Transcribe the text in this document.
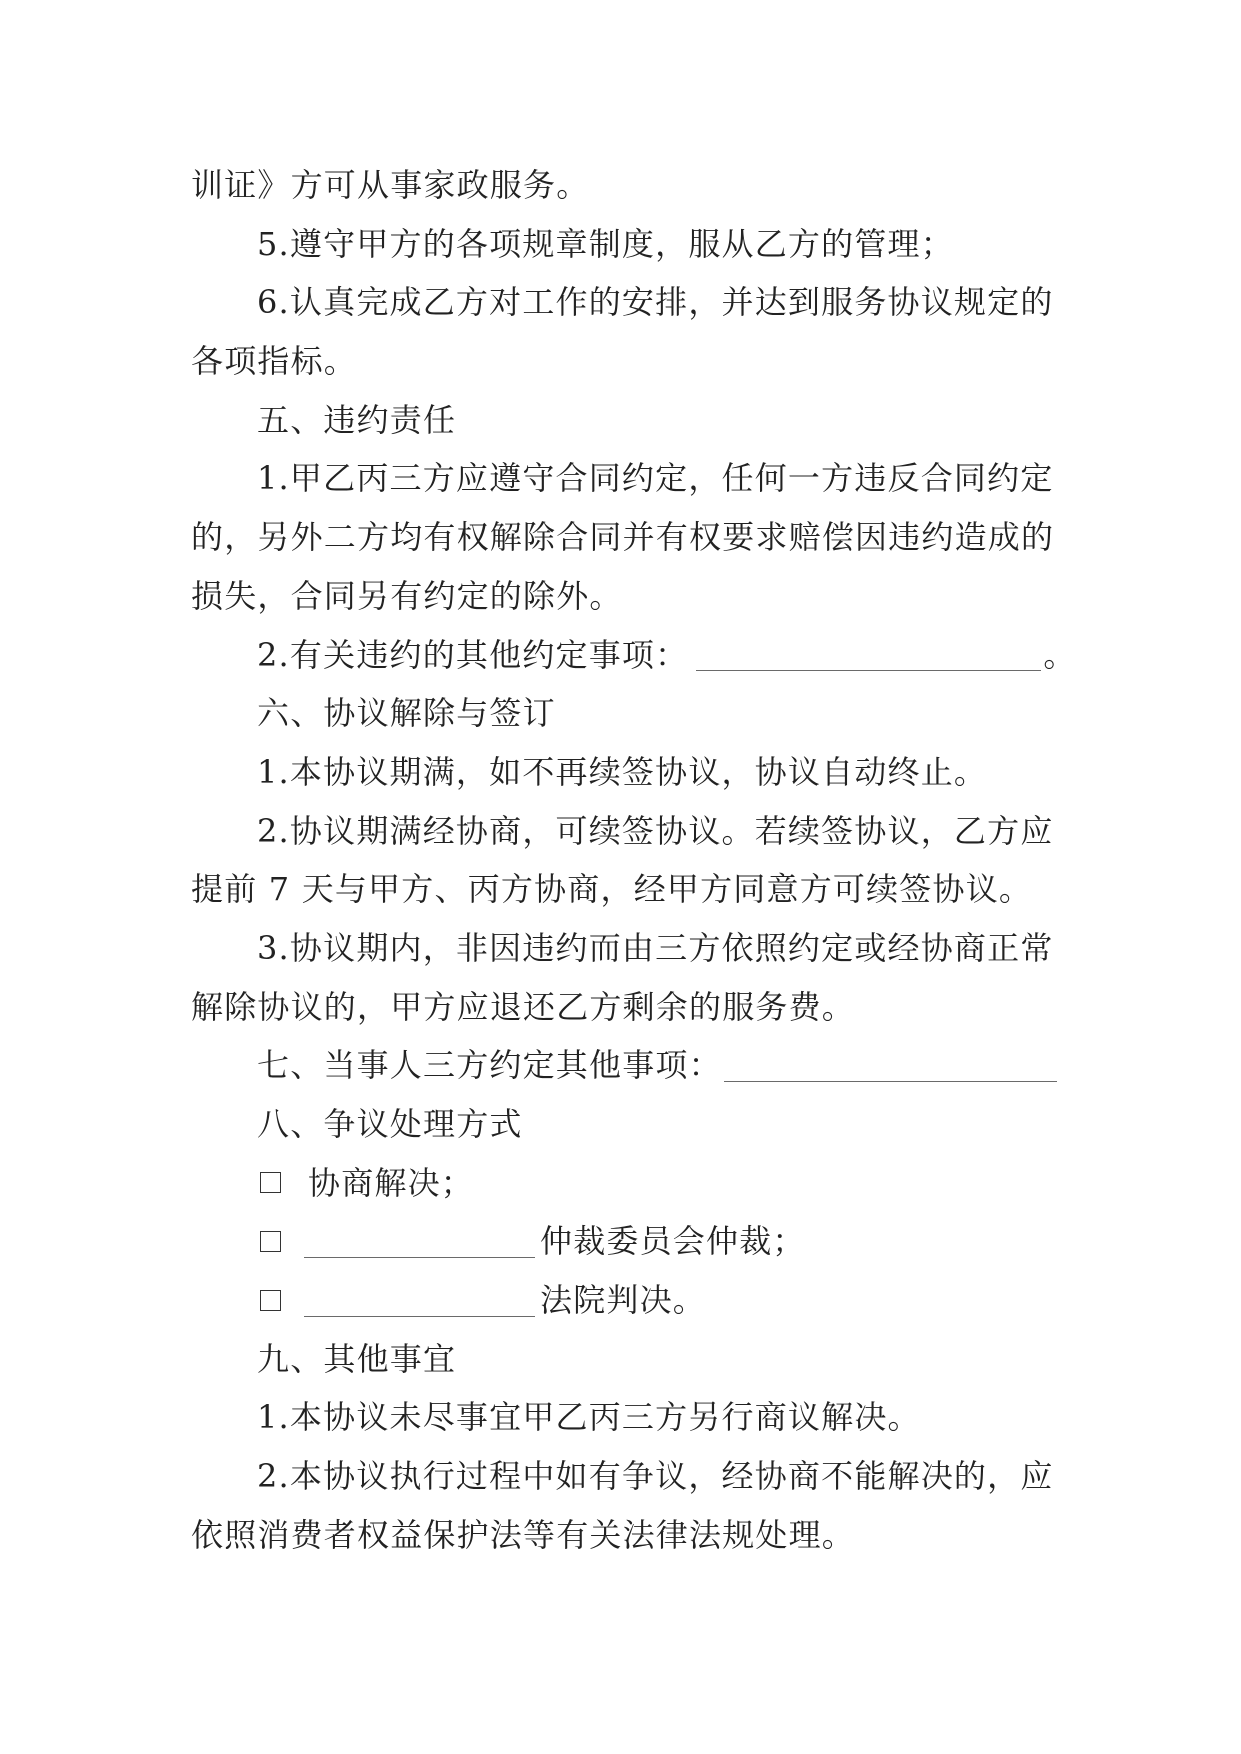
训证》方可从事家政服务。
5.遵守甲方的各项规章制度，服从乙方的管理；
6.认真完成乙方对工作的安排，并达到服务协议规定的
各项指标。
五、违约责任
1.甲乙丙三方应遵守合同约定，任何一方违反合同约定
的，另外二方均有权解除合同并有权要求赔偿因违约造成的
损失，合同另有约定的除外。
2.有关违约的其他约定事项：	。
六、协议解除与签订
1.本协议期满，如不再续签协议，协议自动终止。
2.协议期满经协商，可续签协议。若续签协议，乙方应
提前 7 天与甲方、丙方协商，经甲方同意方可续签协议。
3.协议期内，非因违约而由三方依照约定或经协商正常
解除协议的，甲方应退还乙方剩余的服务费。
七、当事人三方约定其他事项：
八、争议处理方式
协商解决；
仲裁委员会仲裁；
法院判决。
九、其他事宜
1.本协议未尽事宜甲乙丙三方另行商议解决。
2.本协议执行过程中如有争议，经协商不能解决的，应
依照消费者权益保护法等有关法律法规处理。
